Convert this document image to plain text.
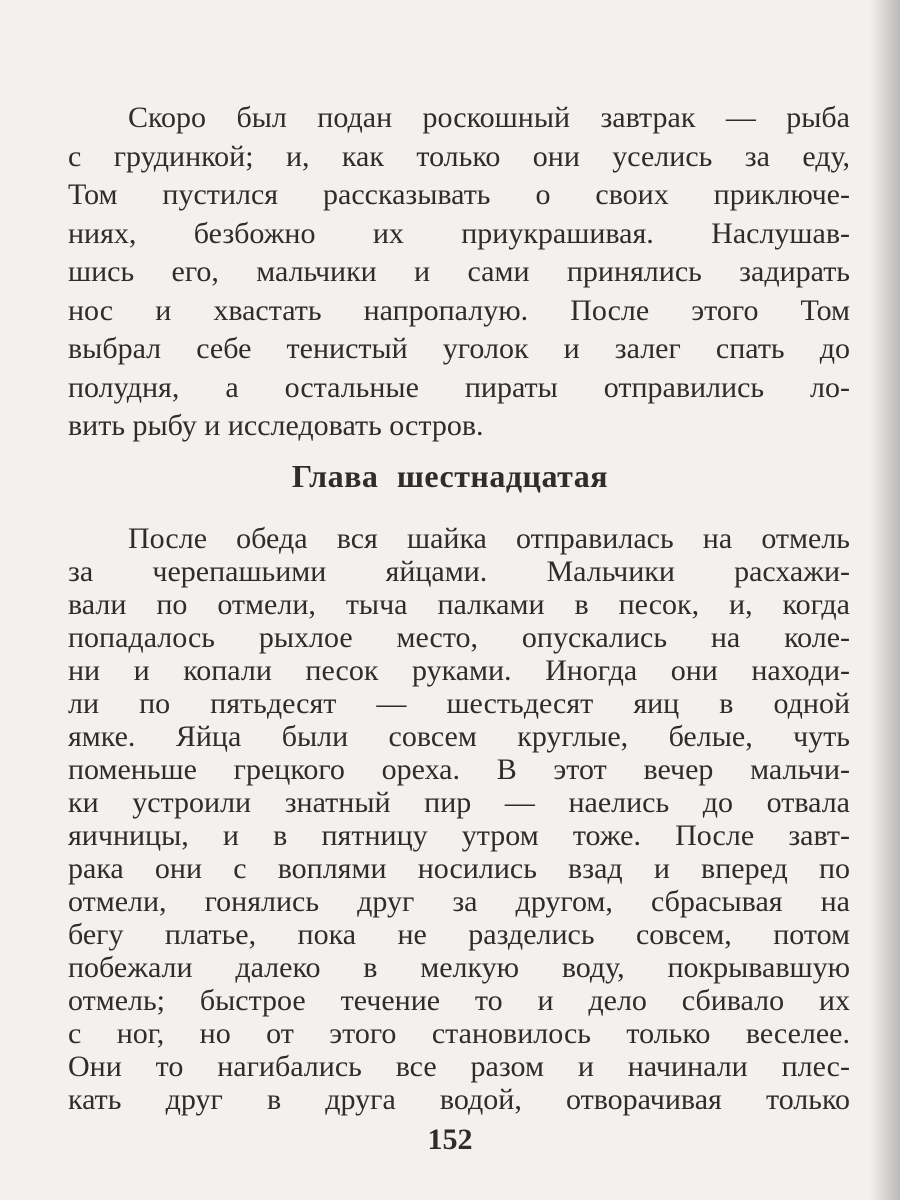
Скоро был подан роскошный завтрак — рыба
с грудинкой; и, как только они уселись за еду,
Том пустился рассказывать о своих приключе-
ниях, безбожно их приукрашивая. Наслушав-
шись его, мальчики и сами принялись задирать
нос и хвастать напропалую. После этого Том
выбрал себе тенистый уголок и залег спать до
полудня, а остальные пираты отправились ло-
вить рыбу и исследовать остров.
Глава шестнадцатая
После обеда вся шайка отправилась на отмель
за черепашьими яйцами. Мальчики расхажи-
вали по отмели, тыча палками в песок, и, когда
попадалось рыхлое место, опускались на коле-
ни и копали песок руками. Иногда они находи-
ли по пятьдесят — шестьдесят яиц в одной
ямке. Яйца были совсем круглые, белые, чуть
поменьше грецкого ореха. В этот вечер мальчи-
ки устроили знатный пир — наелись до отвала
яичницы, и в пятницу утром тоже. После завт-
рака они с воплями носились взад и вперед по
отмели, гонялись друг за другом, сбрасывая на
бегу платье, пока не разделись совсем, потом
побежали далеко в мелкую воду, покрывавшую
отмель; быстрое течение то и дело сбивало их
с ног, но от этого становилось только веселее.
Они то нагибались все разом и начинали плес-
кать друг в друга водой, отворачивая только
152
